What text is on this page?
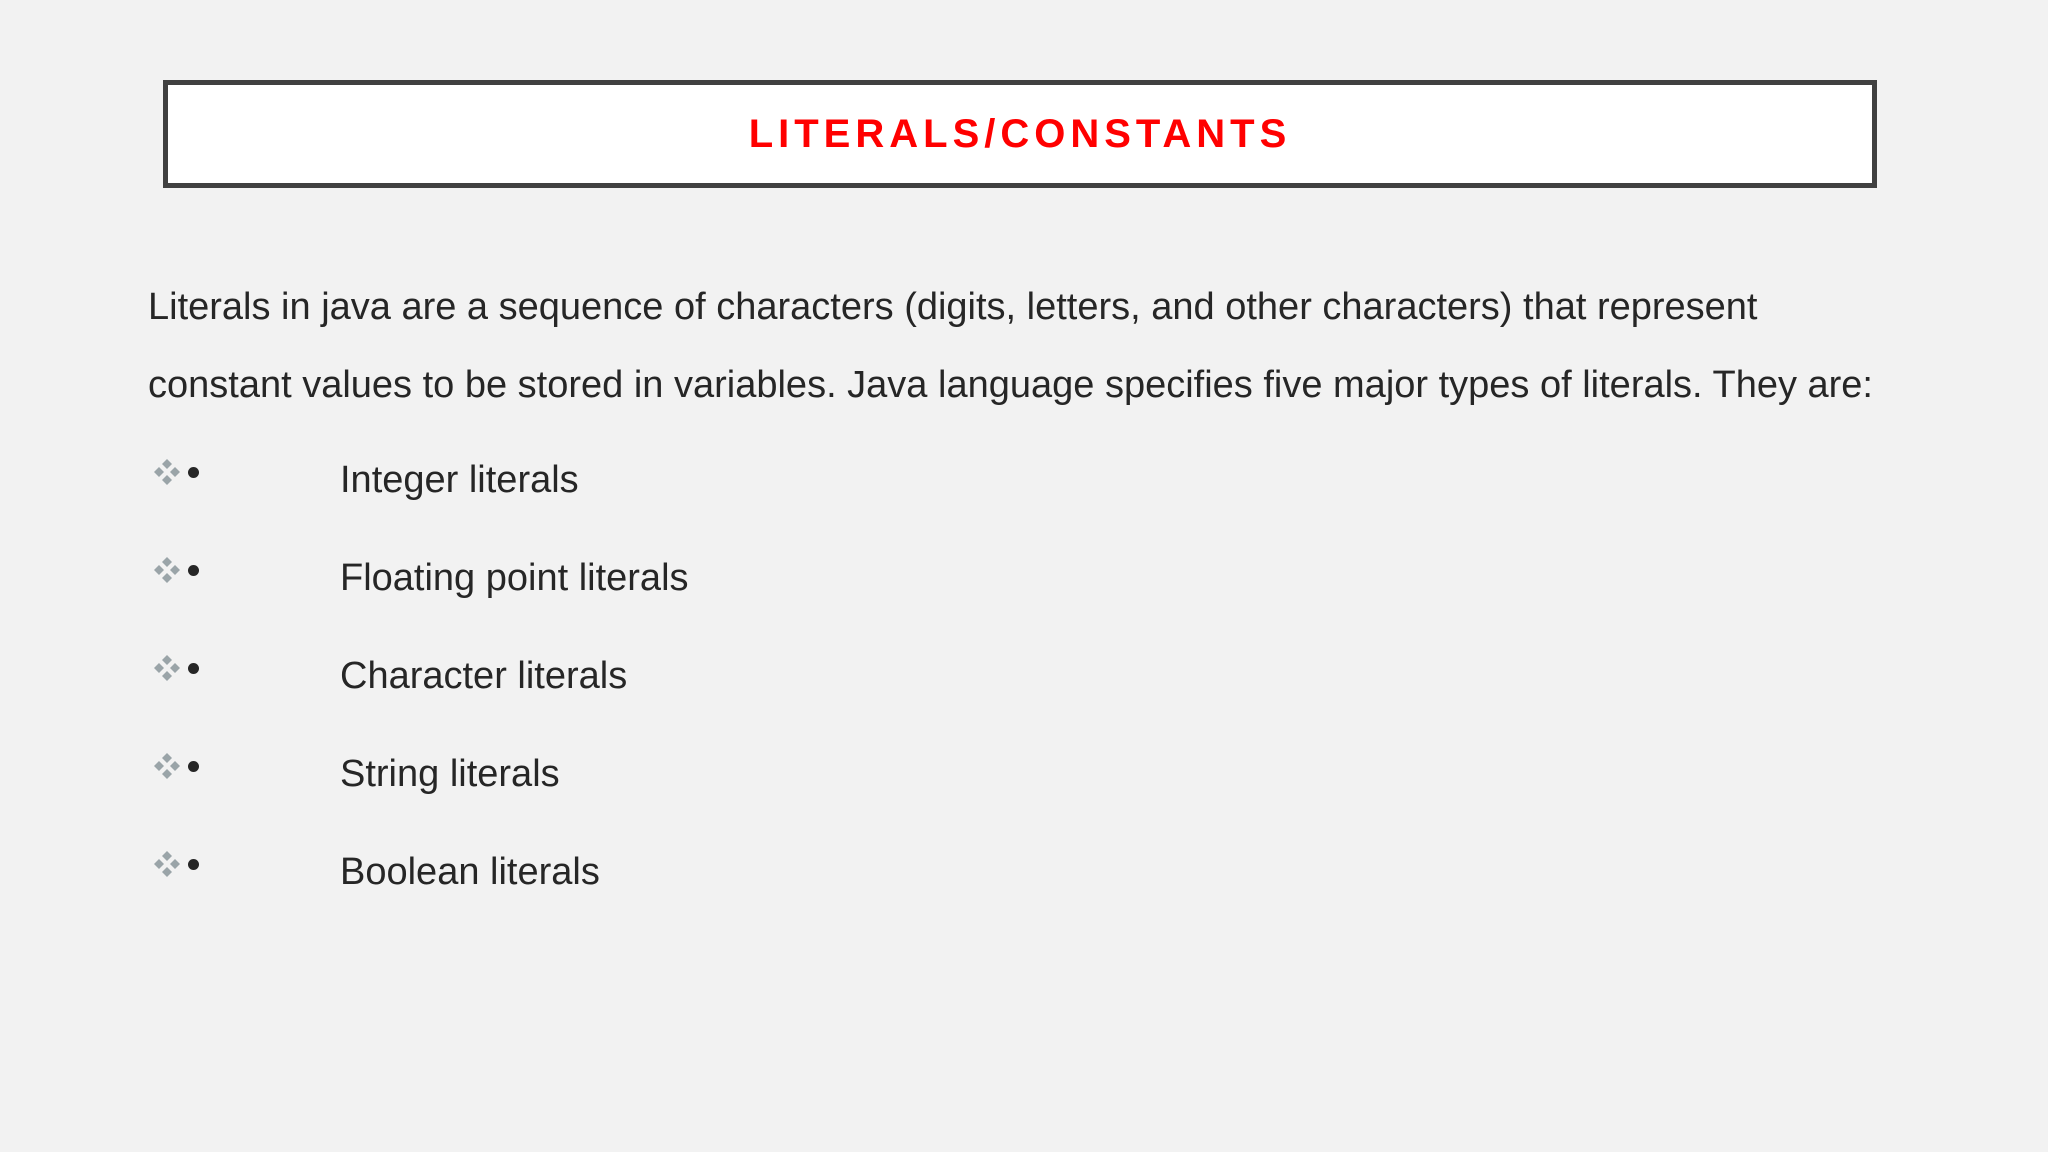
LITERALS/CONSTANTS
Literals in java are a sequence of characters (digits, letters, and other characters) that represent
constant values to be stored in variables. Java language specifies five major types of literals. They are:
Integer literals
Floating point literals
Character literals
String literals
Boolean literals
